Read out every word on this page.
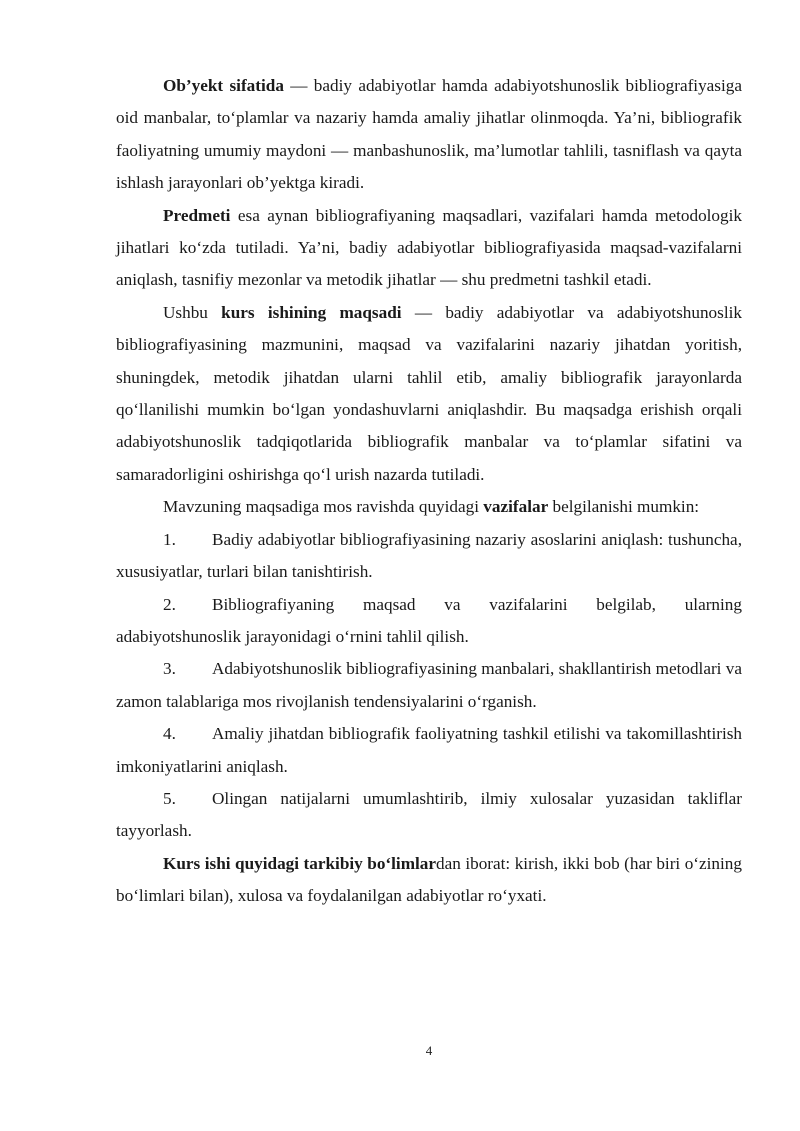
Ob’yekt sifatida — badiy adabiyotlar hamda adabiyotshunoslik bibliografiyasiga oid manbalar, to‘plamlar va nazariy hamda amaliy jihatlar olinmoqda. Ya’ni, bibliografik faoliyatning umumiy maydoni — manbashunoslik, ma’lumotlar tahlili, tasniflash va qayta ishlash jarayonlari ob’yektga kiradi.

Predmeti esa aynan bibliografiyaning maqsadlari, vazifalari hamda metodologik jihatlari ko‘zda tutiladi. Ya’ni, badiy adabiyotlar bibliografiyasida maqsad-vazifalarni aniqlash, tasnifiy mezonlar va metodik jihatlar — shu predmetni tashkil etadi.

Ushbu kurs ishining maqsadi — badiy adabiyotlar va adabiyotshunoslik bibliografiyasining mazmunini, maqsad va vazifalarini nazariy jihatdan yoritish, shuningdek, metodik jihatdan ularni tahlil etib, amaliy bibliografik jarayonlarda qo‘llanilishi mumkin bo‘lgan yondashuvlarni aniqlashdir. Bu maqsadga erishish orqali adabiyotshunoslik tadqiqotlarida bibliografik manbalar va to‘plamlar sifatini va samaradorligini oshirishga qo‘l urish nazarda tutiladi.

Mavzuning maqsadiga mos ravishda quyidagi vazifalar belgilanishi mumkin:

1. Badiy adabiyotlar bibliografiyasining nazariy asoslarini aniqlash: tushuncha, xususiyatlar, turlari bilan tanishtirish.

2. Bibliografiyaning maqsad va vazifalarini belgilab, ularning adabiyotshunoslik jarayonidagi o‘rnini tahlil qilish.

3. Adabiyotshunoslik bibliografiyasining manbalari, shakllantirish metodlari va zamon talablariga mos rivojlanish tendensiyalarini o‘rganish.

4. Amaliy jihatdan bibliografik faoliyatning tashkil etilishi va takomillashtirish imkoniyatlarini aniqlash.

5. Olingan natijalarni umumlashtirib, ilmiy xulosalar yuzasidan takliflar tayyorlash.

Kurs ishi quyidagi tarkibiy bo‘limlardan iborat: kirish, ikki bob (har biri o‘zining bo‘limlari bilan), xulosa va foydalanilgan adabiyotlar ro‘yxati.

4
